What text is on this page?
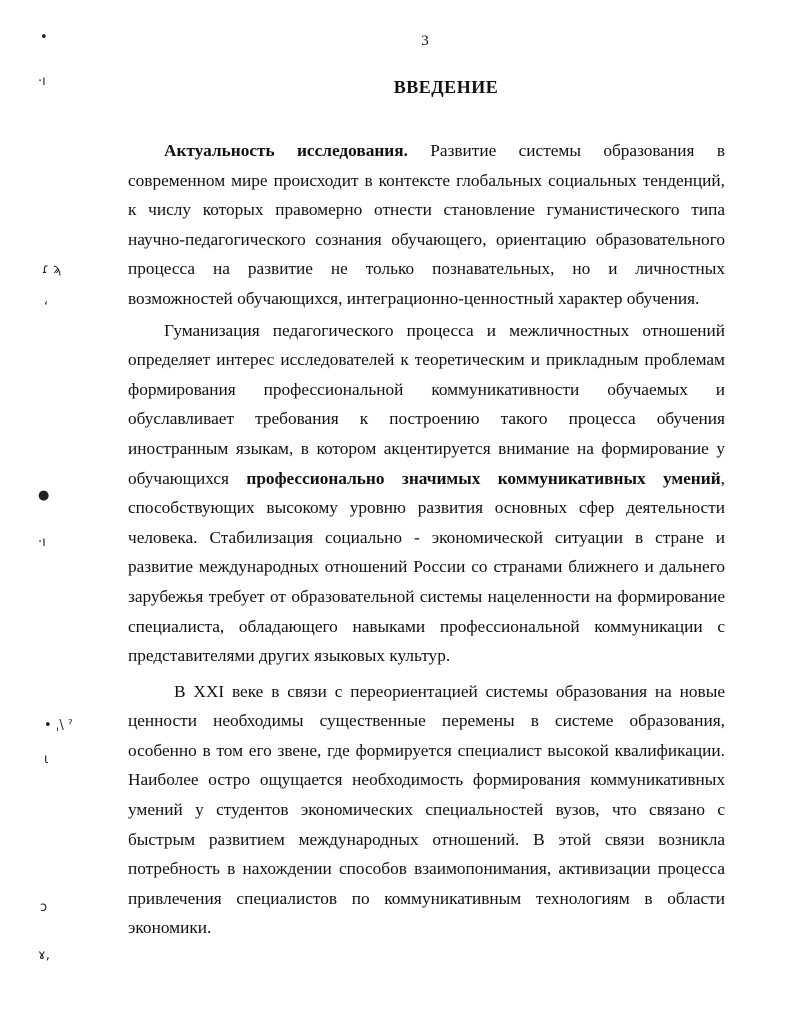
3
ВВЕДЕНИЕ

Актуальность исследования. Развитие системы образования в современном мире происходит в контексте глобальных социальных тенденций, к числу которых правомерно отнести становление гуманистического типа научно-педагогического сознания обучающего, ориентацию образовательного процесса на развитие не только познавательных, но и личностных возможностей обучающихся, интеграционно-ценностный характер обучения.

Гуманизация педагогического процесса и межличностных отношений определяет интерес исследователей к теоретическим и прикладным проблемам формирования профессиональной коммуникативности обучаемых и обуславливает требования к построению такого процесса обучения иностранным языкам, в котором акцентируется внимание на формирование у обучающихся профессионально значимых коммуникативных умений, способствующих высокому уровню развития основных сфер деятельности человека. Стабилизация социально - экономической ситуации в стране и развитие международных отношений России со странами ближнего и дальнего зарубежья требует от образовательной системы нацеленности на формирование специалиста, обладающего навыками профессиональной коммуникации с представителями других языковых культур.

В XXI веке в связи с переориентацией системы образования на новые ценности необходимы существенные перемены в системе образования, особенно в том его звене, где формируется специалист высокой квалификации. Наиболее остро ощущается необходимость формирования коммуникативных умений у студентов экономических специальностей вузов, что связано с быстрым развитием международных отношений. В этой связи возникла потребность в нахождении способов взаимопонимания, активизации процесса привлечения специалистов по коммуникативным технологиям в области экономики.

•
·ı
ɾ ϡ
ʻ
●
·ı
• ˌ\ ˀ
ɩ
ɔ
ɤ,
